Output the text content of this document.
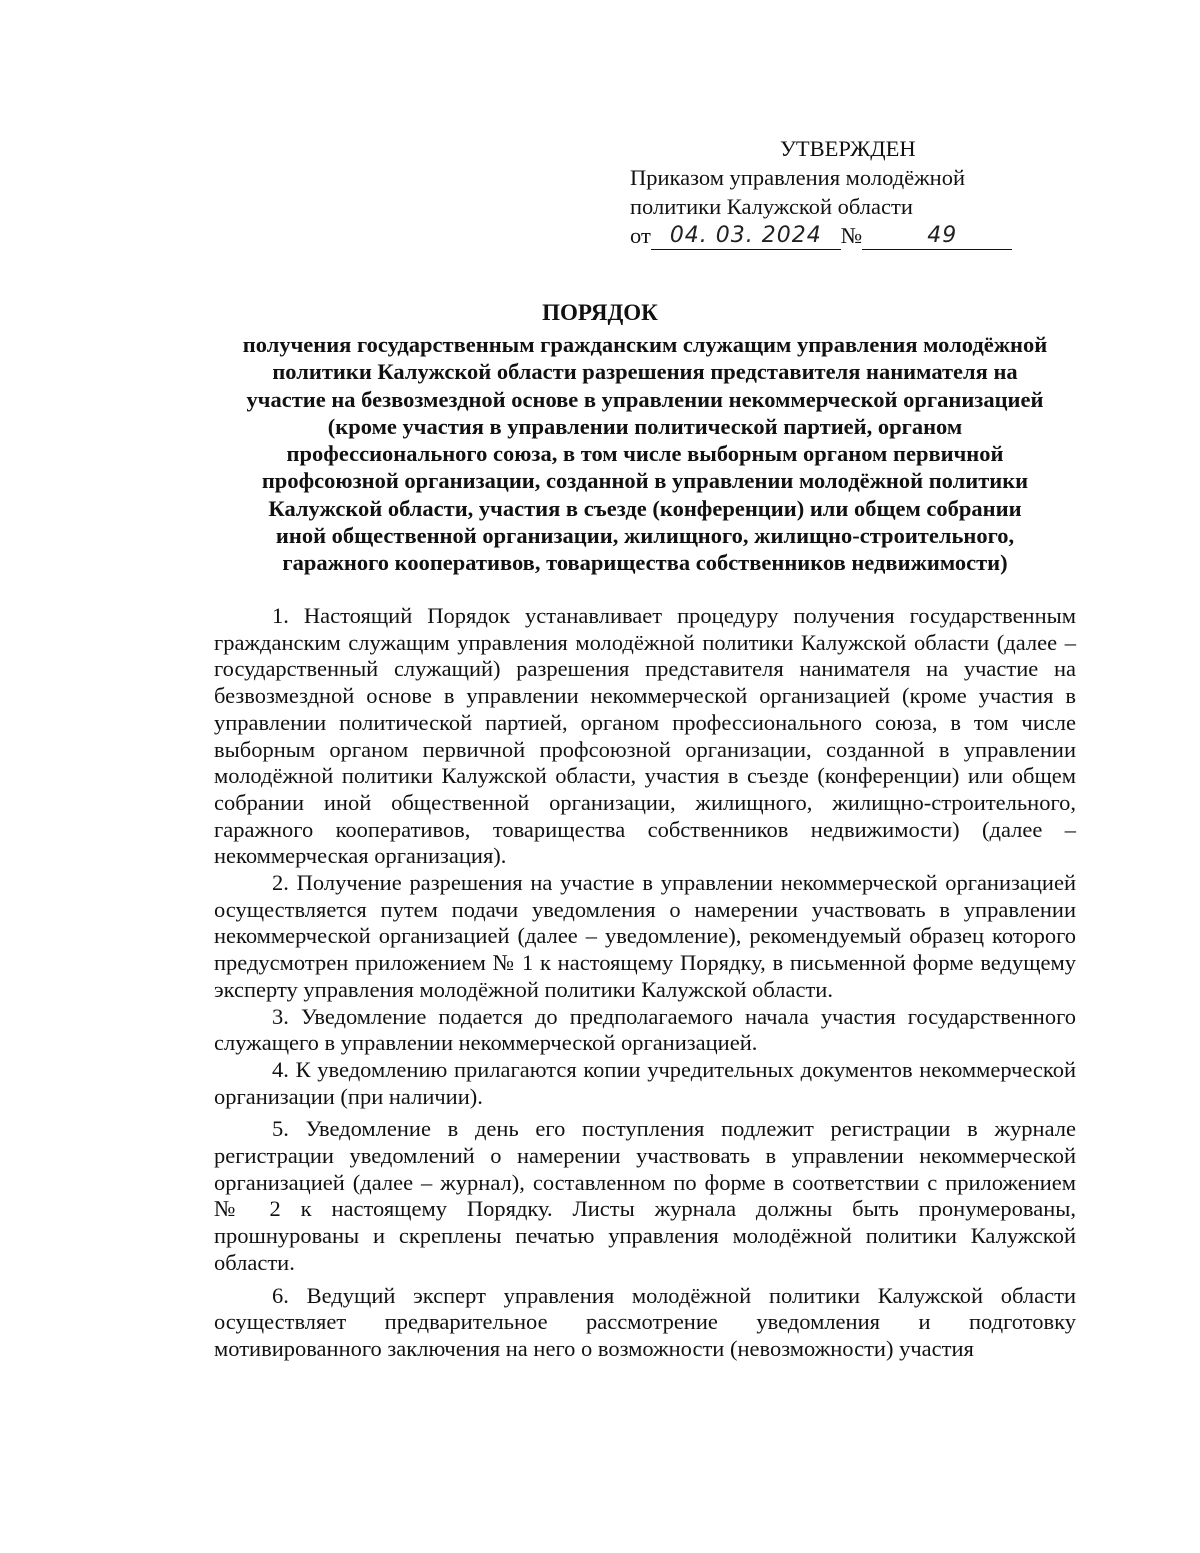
УТВЕРЖДЕН
Приказом управления молодёжной
политики Калужской области
от 04. 03. 2024 №	49
ПОРЯДОК
получения государственным гражданским служащим управления молодёжной
политики Калужской области разрешения представителя нанимателя на
участие на безвозмездной основе в управлении некоммерческой организацией
(кроме участия в управлении политической партией, органом
профессионального союза, в том числе выборным органом первичной
профсоюзной организации, созданной в управлении молодёжной политики
Калужской области, участия в съезде (конференции) или общем собрании
иной общественной организации, жилищного, жилищно-строительного,
гаражного кооперативов, товарищества собственников недвижимости)

1. Настоящий Порядок устанавливает процедуру получения государственным гражданским служащим управления молодёжной политики Калужской области (далее – государственный служащий) разрешения представителя нанимателя на участие на безвозмездной основе в управлении некоммерческой организацией (кроме участия в управлении политической партией, органом профессионального союза, в том числе выборным органом первичной профсоюзной организации, созданной в управлении молодёжной политики Калужской области, участия в съезде (конференции) или общем собрании иной общественной организации, жилищного, жилищно-строительного, гаражного кооперативов, товарищества собственников недвижимости) (далее – некоммерческая организация).

2. Получение разрешения на участие в управлении некоммерческой организацией осуществляется путем подачи уведомления о намерении участвовать в управлении некоммерческой организацией (далее – уведомление), рекомендуемый образец которого предусмотрен приложением № 1 к настоящему Порядку, в письменной форме ведущему эксперту управления молодёжной политики Калужской области.

3. Уведомление подается до предполагаемого начала участия государственного служащего в управлении некоммерческой организацией.

4. К уведомлению прилагаются копии учредительных документов некоммерческой организации (при наличии).

5. Уведомление в день его поступления подлежит регистрации в журнале регистрации уведомлений о намерении участвовать в управлении некоммерческой организацией (далее – журнал), составленном по форме в соответствии с приложением № 2 к настоящему Порядку. Листы журнала должны быть пронумерованы, прошнурованы и скреплены печатью управления молодёжной политики Калужской области.

6. Ведущий эксперт управления молодёжной политики Калужской области осуществляет предварительное рассмотрение уведомления и подготовку мотивированного заключения на него о возможности (невозможности) участия
